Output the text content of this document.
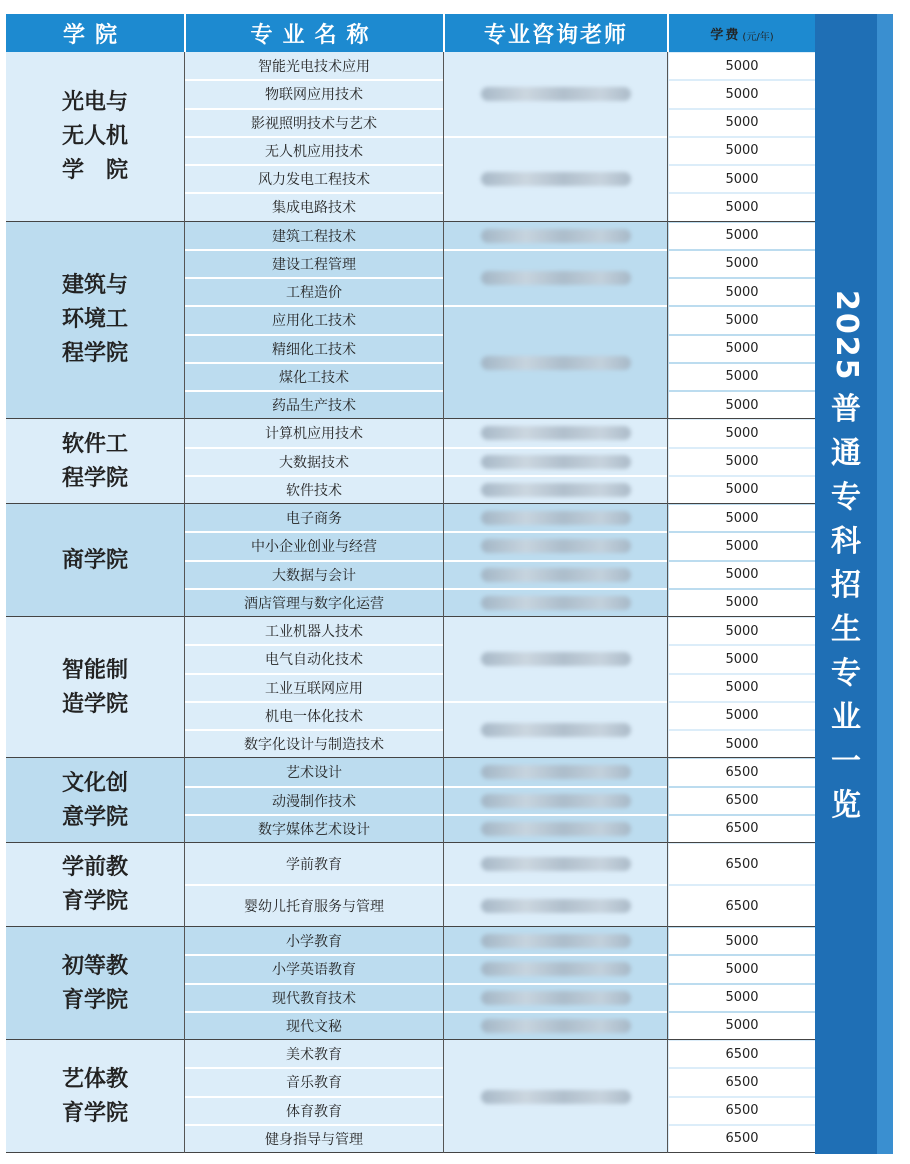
学院	专业名称	专业咨询老师	学费 (元/年)
2025
普
通
专
科
招
生
专
业
一
览
光电与
无人机
学　院
智能光电技术应用	5000
物联网应用技术	5000
影视照明技术与艺术	5000
无人机应用技术	5000
风力发电工程技术	5000
集成电路技术	5000
建筑与
环境工
程学院
建筑工程技术	5000
建设工程管理	5000
工程造价	5000
应用化工技术	5000
精细化工技术	5000
煤化工技术	5000
药品生产技术	5000
软件工
程学院
计算机应用技术	5000
大数据技术	5000
软件技术	5000
商学院
电子商务	5000
中小企业创业与经营	5000
大数据与会计	5000
酒店管理与数字化运营	5000
智能制
造学院
工业机器人技术	5000
电气自动化技术	5000
工业互联网应用	5000
机电一体化技术	5000
数字化设计与制造技术	5000
文化创
意学院
艺术设计	6500
动漫制作技术	6500
数字媒体艺术设计	6500
学前教
育学院
学前教育	6500
婴幼儿托育服务与管理	6500
初等教
育学院
小学教育	5000
小学英语教育	5000
现代教育技术	5000
现代文秘	5000
艺体教
育学院
美术教育	6500
音乐教育	6500
体育教育	6500
健身指导与管理	6500
